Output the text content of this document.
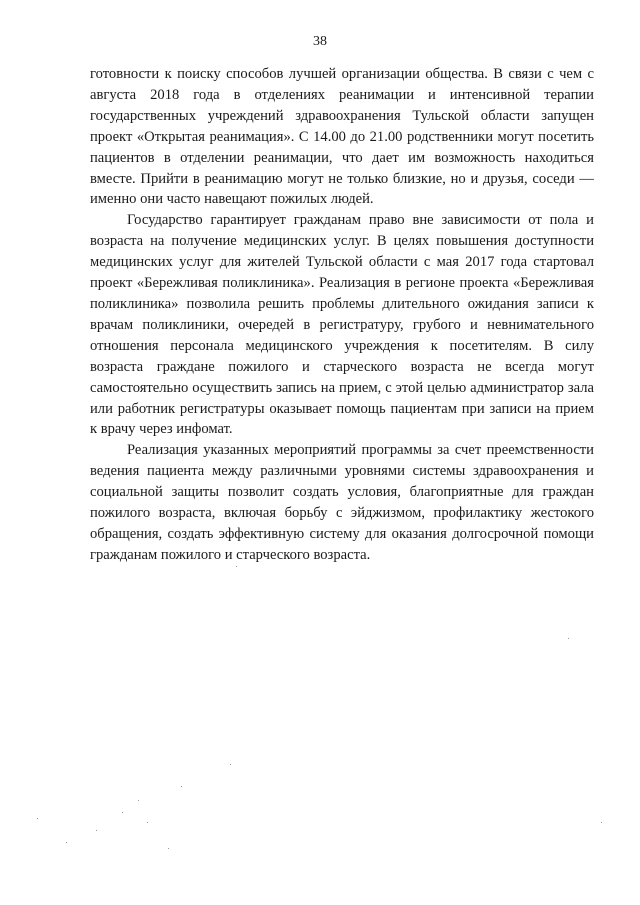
38

готовности к поиску способов лучшей организации общества. В связи с чем с августа 2018 года в отделениях реанимации и интенсивной терапии государственных учреждений здравоохранения Тульской области запущен проект «Открытая реанимация». С 14.00 до 21.00 родственники могут посетить пациентов в отделении реанимации, что дает им возможность находиться вместе. Прийти в реанимацию могут не только близкие, но и друзья, соседи — именно они часто навещают пожилых людей.

Государство гарантирует гражданам право вне зависимости от пола и возраста на получение медицинских услуг. В целях повышения доступности медицинских услуг для жителей Тульской области с мая 2017 года стартовал проект «Бережливая поликлиника». Реализация в регионе проекта «Бережливая поликлиника» позволила решить проблемы длительного ожидания записи к врачам поликлиники, очередей в регистратуру, грубого и невнимательного отношения персонала медицинского учреждения к посетителям. В силу возраста граждане пожилого и старческого возраста не всегда могут самостоятельно осуществить запись на прием, с этой целью администратор зала или работник регистратуры оказывает помощь пациентам при записи на прием к врачу через инфомат.

Реализация указанных мероприятий программы за счет преемственности ведения пациента между различными уровнями системы здравоохранения и социальной защиты позволит создать условия, благоприятные для граждан пожилого возраста, включая борьбу с эйджизмом, профилактику жестокого обращения, создать эффективную систему для оказания долгосрочной помощи гражданам пожилого и старческого возраста.
